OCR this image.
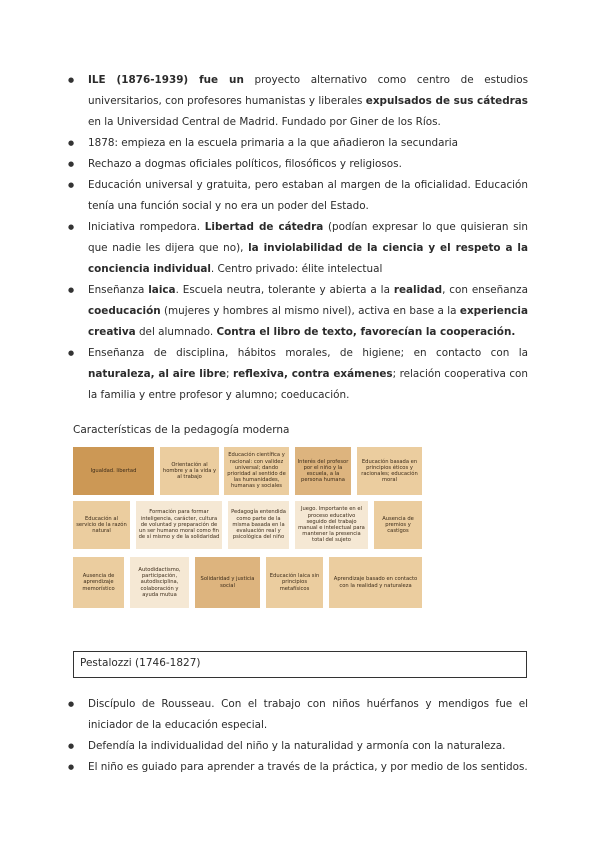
● ILE (1876-1939) fue un proyecto alternativo como centro de estudios universitarios, con profesores humanistas y liberales expulsados de sus cátedras en la Universidad Central de Madrid. Fundado por Giner de los Ríos.
● 1878: empieza en la escuela primaria a la que añadieron la secundaria
● Rechazo a dogmas oficiales políticos, filosóficos y religiosos.
● Educación universal y gratuita, pero estaban al margen de la oficialidad. Educación tenía una función social y no era un poder del Estado.
● Iniciativa rompedora. Libertad de cátedra (podían expresar lo que quisieran sin que nadie les dijera que no), la inviolabilidad de la ciencia y el respeto a la conciencia individual. Centro privado: élite intelectual
● Enseñanza laica. Escuela neutra, tolerante y abierta a la realidad, con enseñanza coeducación (mujeres y hombres al mismo nivel), activa en base a la experiencia creativa del alumnado. Contra el libro de texto, favorecían la cooperación.
● Enseñanza de disciplina, hábitos morales, de higiene; en contacto con la naturaleza, al aire libre; reflexiva, contra exámenes; relación cooperativa con la familia y entre profesor y alumno; coeducación.
Características de la pedagogía moderna
Igualdad. libertad
Orientación al hombre y a la vida y al trabajo
Educación científica y racional: con validez universal; dando prioridad al sentido de las humanidades, humanas y sociales
Interés del profesor por el niño y la escuela, a la persona humana
Educación basada en principios éticos y racionales; educación moral
Educación al servicio de la razón natural
Formación para formar inteligencia, carácter, cultura de voluntad y preparación de un ser humano moral como fin de sí mismo y de la solidaridad
Pedagogía entendida como parte de la misma basada en la evaluación real y psicológica del niño
Juego. Importante en el proceso educativo seguido del trabajo manual e intelectual para mantener la presencia total del sujeto
Ausencia de premios y castigos
Ausencia de aprendizaje memorístico
Autodidactismo, participación, autodisciplina, colaboración y ayuda mutua
Solidaridad y justicia social
Educación laica sin principios metafísicos
Aprendizaje basado en contacto con la realidad y naturaleza
Pestalozzi (1746-1827)
● Discípulo de Rousseau. Con el trabajo con niños huérfanos y mendigos fue el iniciador de la educación especial.
● Defendía la individualidad del niño y la naturalidad y armonía con la naturaleza.
● El niño es guiado para aprender a través de la práctica, y por medio de los sentidos.
